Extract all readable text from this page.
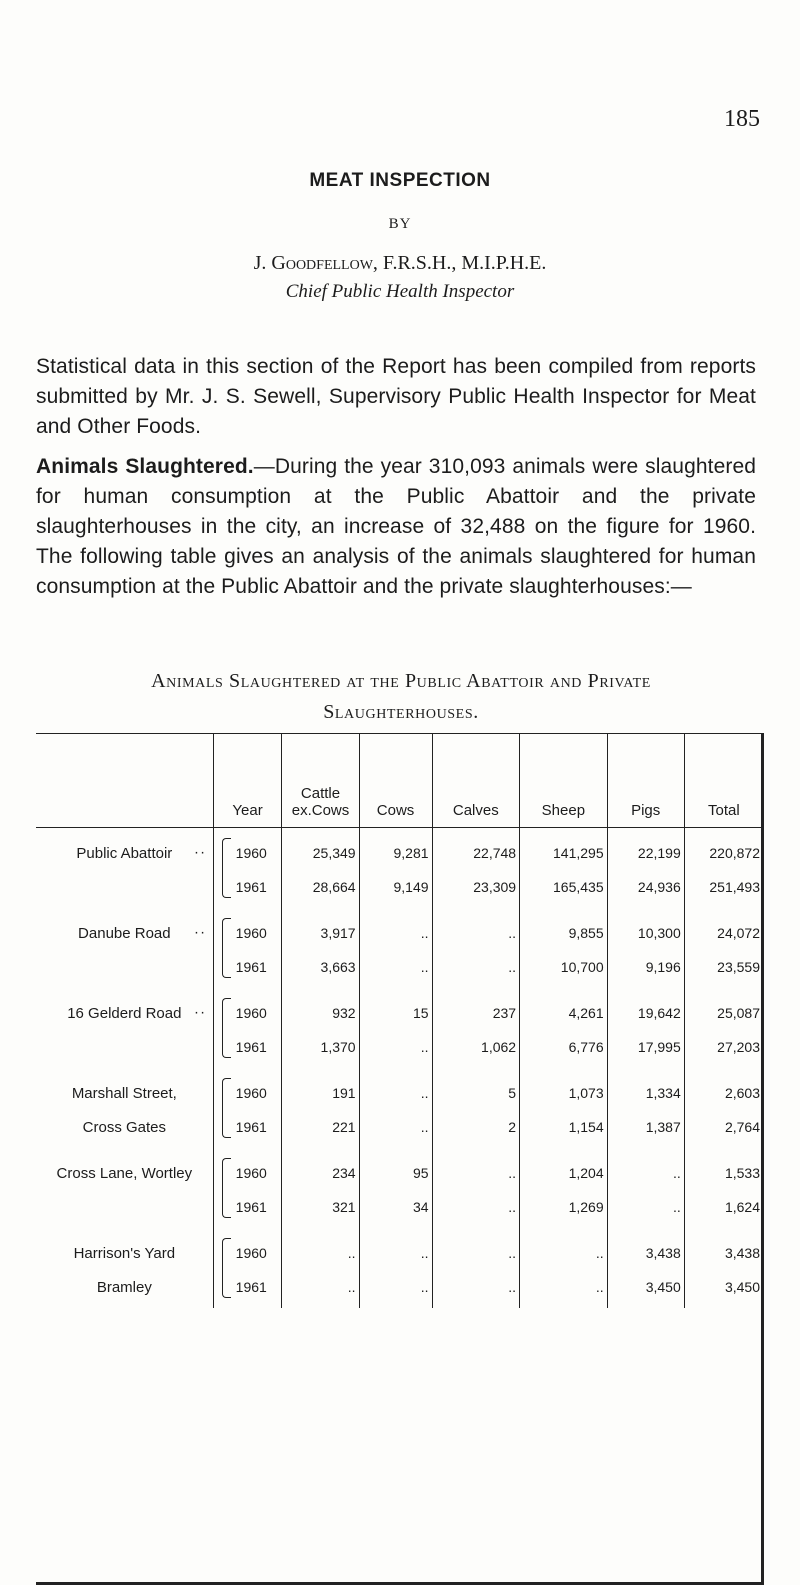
185
MEAT INSPECTION
BY
J. Goodfellow, F.R.S.H., M.I.P.H.E.
Chief Public Health Inspector
Statistical data in this section of the Report has been compiled from reports submitted by Mr. J. S. Sewell, Supervisory Public Health Inspector for Meat and Other Foods.
Animals Slaughtered.—During the year 310,093 animals were slaughtered for human consumption at the Public Abattoir and the private slaughterhouses in the city, an increase of 32,488 on the figure for 1960. The following table gives an analysis of the animals slaughtered for human consumption at the Public Abattoir and the private slaughterhouses:—
Animals Slaughtered at the Public Abattoir and Private
Slaughterhouses.
	Year	Cattle ex.Cows	Cows	Calves	Sheep	Pigs	Total
Public Abattoir ..	1960	25,349	9,281	22,748	141,295	22,199	220,872

1961	28,664	9,149	23,309	165,435	24,936	251,493
Danube Road ..	1960	3,917	..	..	9,855	10,300	24,072

1961	3,663	..	..	10,700	9,196	23,559
16 Gelderd Road ..	1960	932	15	237	4,261	19,642	25,087

1961	1,370	..	1,062	6,776	17,995	27,203
Marshall Street,	1960	191	..	5	1,073	1,334	2,603
Cross Gates	1961	221	..	2	1,154	1,387	2,764
Cross Lane, Wortley	1960	234	95	..	1,204	..	1,533

1961	321	34	..	1,269	..	1,624
Harrison's Yard	1960	..	..	..	..	3,438	3,438
Bramley	1961	..	..	..	..	3,450	3,450
